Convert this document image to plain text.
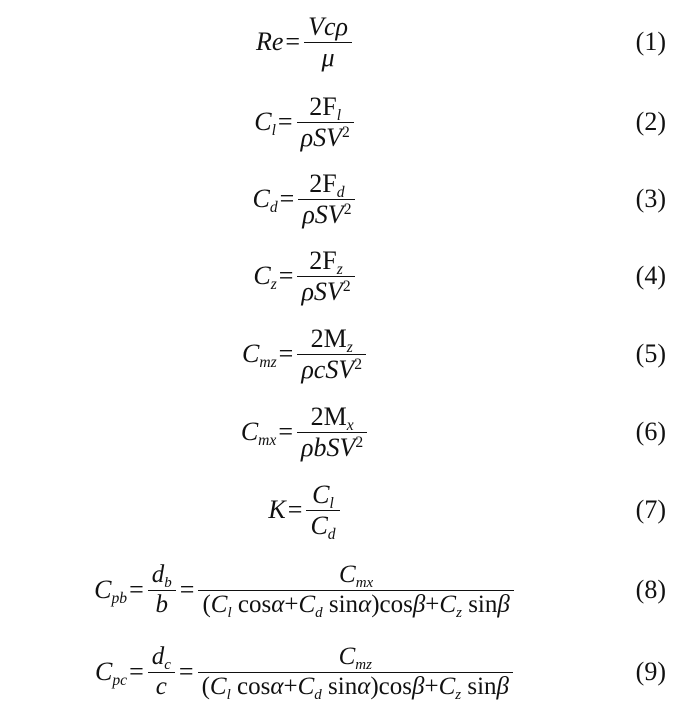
$Re = \frac{\text{Vcρ}}{\mu}$	(1)
$C_l = \frac{2F_l}{\rho SV^2}$	(2)
$C_d = \frac{2F_d}{\rho SV^2}$	(3)
$C_z = \frac{2F_z}{\rho SV^2}$	(4)
$C_{mz} = \frac{2M_z}{\rho cSV^2}$	(5)
$C_{mx} = \frac{2M_x}{\rho bSV^2}$	(6)
$K = \frac{C_l}{C_d}$	(7)
$C_{pb} = \frac{d_b}{b} = \frac{C_{mx}}{(C_l \cos\alpha+C_d \sin\alpha)\cos\beta+C_z \sin\beta}$	(8)
$C_{pc} = \frac{d_c}{c} = \frac{C_{mz}}{(C_l \cos\alpha+C_d \sin\alpha)\cos\beta+C_z \sin\beta}$	(9)
